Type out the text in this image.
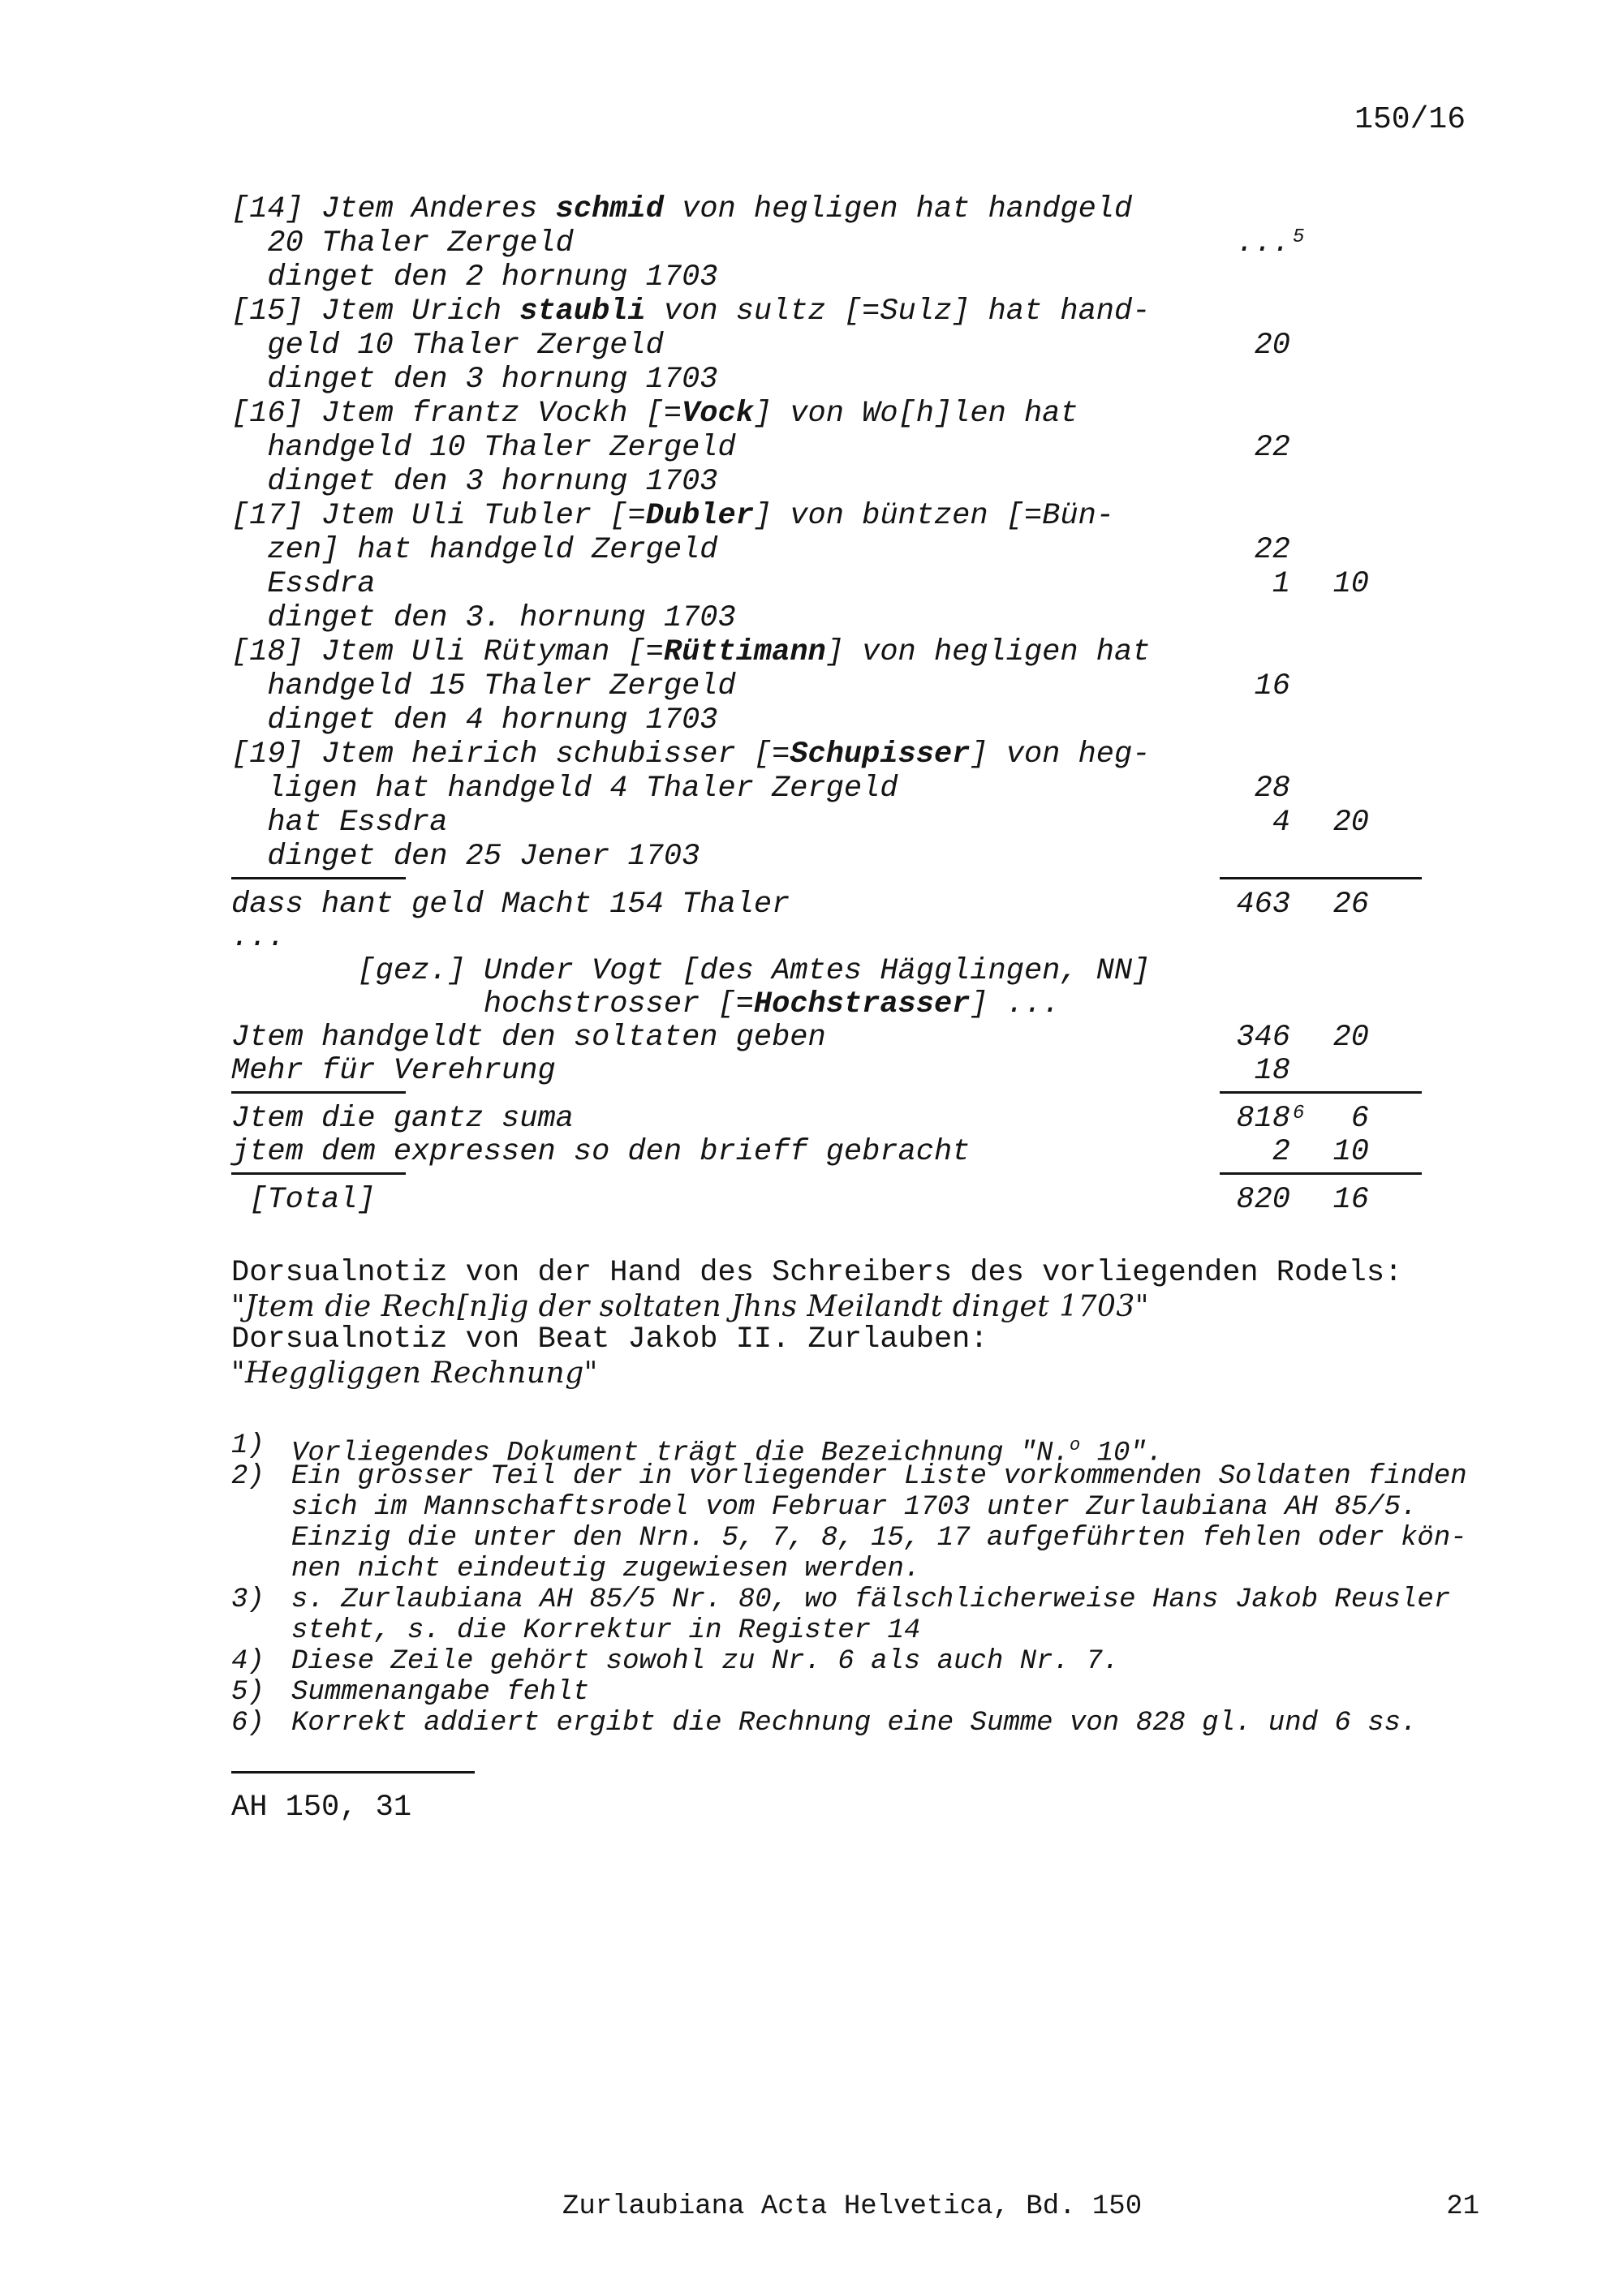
150/16
[14] Jtem Anderes schmid von hegligen hat handgeld
20 Thaler Zergeld	... 5
dinget den 2 hornung 1703
[15] Jtem Urich staubli von sultz [=Sulz] hat hand-
geld 10 Thaler Zergeld	20
dinget den 3 hornung 1703
[16] Jtem frantz Vockh [=Vock] von Wo[h]len hat
handgeld 10 Thaler Zergeld	22
dinget den 3 hornung 1703
[17] Jtem Uli Tubler [=Dubler] von büntzen [=Bün-
zen] hat handgeld Zergeld	22
Essdra	1 10
dinget den 3. hornung 1703
[18] Jtem Uli Rütyman [=Rüttimann] von hegligen hat
handgeld 15 Thaler Zergeld	16
dinget den 4 hornung 1703
[19] Jtem heirich schubisser [=Schupisser] von heg-
ligen hat handgeld 4 Thaler Zergeld	28
hat Essdra	4 20
dinget den 25 Jener 1703
dass hant geld Macht 154 Thaler	463 26
...
[gez.] Under Vogt [des Amtes Hägglingen, NN]
hochstrosser [=Hochstrasser] ...
Jtem handgeldt den soltaten geben	346 20
Mehr für Verehrung	18
Jtem die gantz suma	818 6 6
jtem dem expressen so den brieff gebracht	2 10
[Total]	820 16
Dorsualnotiz von der Hand des Schreibers des vorliegenden Rodels:
"Jtem die Rech[n]ig der soltaten Jhns Meilandt dinget 1703"
Dorsualnotiz von Beat Jakob II. Zurlauben:
"Heggliggen Rechnung"
1) Vorliegendes Dokument trägt die Bezeichnung "N.$^o$ 10".
2) Ein grosser Teil der in vorliegender Liste vorkommenden Soldaten finden
sich im Mannschaftsrodel vom Februar 1703 unter Zurlaubiana AH 85/5.
Einzig die unter den Nrn. 5, 7, 8, 15, 17 aufgeführten fehlen oder kön-
nen nicht eindeutig zugewiesen werden.
3) s. Zurlaubiana AH 85/5 Nr. 80, wo fälschlicherweise Hans Jakob Reusler
steht, s. die Korrektur in Register 14
4) Diese Zeile gehört sowohl zu Nr. 6 als auch Nr. 7.
5) Summenangabe fehlt
6) Korrekt addiert ergibt die Rechnung eine Summe von 828 gl. und 6 ss.
AH 150, 31
Zurlaubiana Acta Helvetica, Bd. 150	21
